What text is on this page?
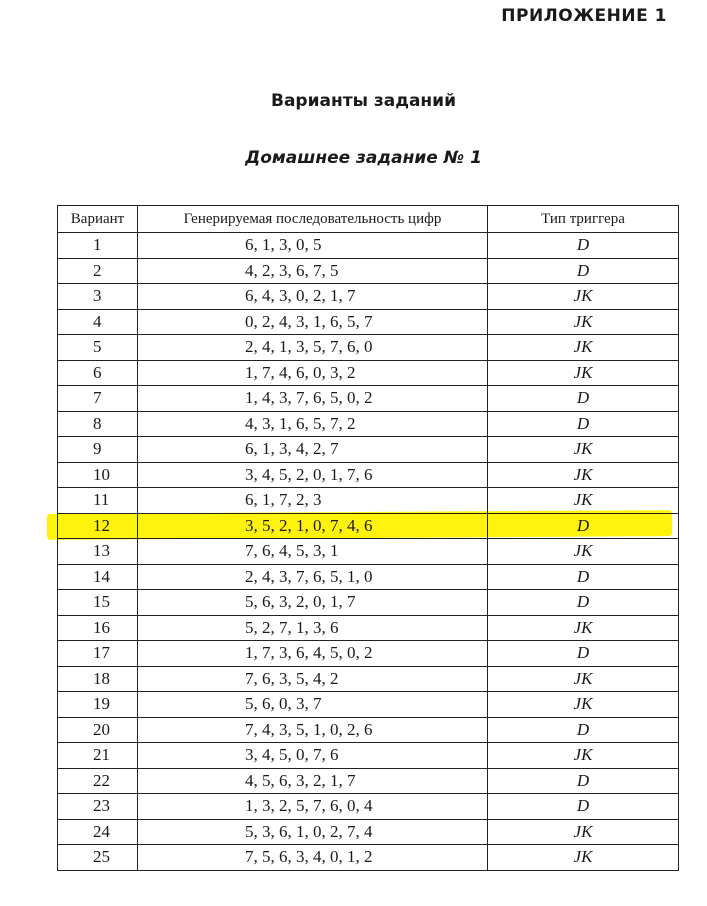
ПРИЛОЖЕНИЕ 1
Варианты заданий
Домашнее задание № 1
Вариант	Генерируемая последовательность цифр	Тип триггера
1	6, 1, 3, 0, 5	D
2	4, 2, 3, 6, 7, 5	D
3	6, 4, 3, 0, 2, 1, 7	JK
4	0, 2, 4, 3, 1, 6, 5, 7	JK
5	2, 4, 1, 3, 5, 7, 6, 0	JK
6	1, 7, 4, 6, 0, 3, 2	JK
7	1, 4, 3, 7, 6, 5, 0, 2	D
8	4, 3, 1, 6, 5, 7, 2	D
9	6, 1, 3, 4, 2, 7	JK
10	3, 4, 5, 2, 0, 1, 7, 6	JK
11	6, 1, 7, 2, 3	JK
12	3, 5, 2, 1, 0, 7, 4, 6	D
13	7, 6, 4, 5, 3, 1	JK
14	2, 4, 3, 7, 6, 5, 1, 0	D
15	5, 6, 3, 2, 0, 1, 7	D
16	5, 2, 7, 1, 3, 6	JK
17	1, 7, 3, 6, 4, 5, 0, 2	D
18	7, 6, 3, 5, 4, 2	JK
19	5, 6, 0, 3, 7	JK
20	7, 4, 3, 5, 1, 0, 2, 6	D
21	3, 4, 5, 0, 7, 6	JK
22	4, 5, 6, 3, 2, 1, 7	D
23	1, 3, 2, 5, 7, 6, 0, 4	D
24	5, 3, 6, 1, 0, 2, 7, 4	JK
25	7, 5, 6, 3, 4, 0, 1, 2	JK
